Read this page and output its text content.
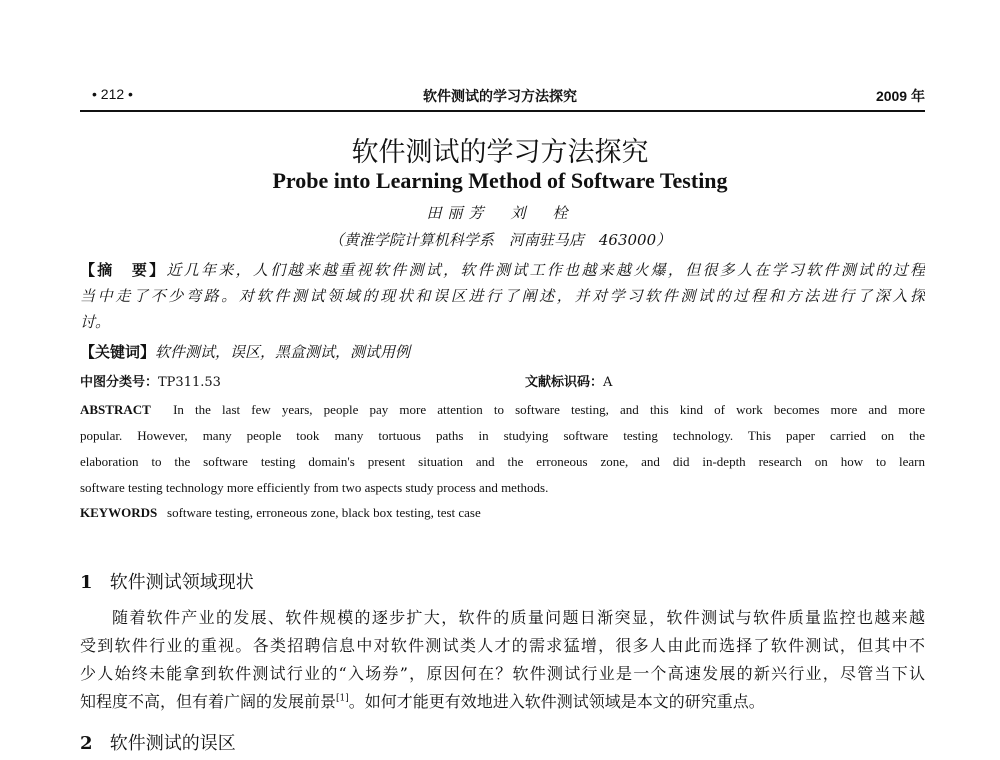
• 212 •	软件测试的学习方法探究	2009 年
软件测试的学习方法探究
Probe into Learning Method of Software Testing
田丽芳　刘　栓
（黄淮学院计算机科学系　河南驻马店　463000）
【摘　要】近几年来，人们越来越重视软件测试，软件测试工作也越来越火爆，但很多人在学习软件测试的过程
当中走了不少弯路。对软件测试领域的现状和误区进行了阐述，并对学习软件测试的过程和方法进行了深入探
讨。
【关键词】软件测试，误区，黑盒测试，测试用例
中图分类号：TP311.53	文献标识码：A
ABSTRACT In the last few years, people pay more attention to software testing, and this kind of work becomes more and more
popular. However, many people took many tortuous paths in studying software testing technology. This paper carried on the
elaboration to the software testing domain's present situation and the erroneous zone, and did in-depth research on how to learn
software testing technology more efficiently from two aspects study process and methods.
KEYWORDS software testing, erroneous zone, black box testing, test case
1 软件测试领域现状
随着软件产业的发展、软件规模的逐步扩大，软件的质量问题日渐突显，软件测试与软件质量监控也越来越
受到软件行业的重视。各类招聘信息中对软件测试类人才的需求猛增，很多人由此而选择了软件测试，但其中不
少人始终未能拿到软件测试行业的“入场券”，原因何在？软件测试行业是一个高速发展的新兴行业，尽管当下认
知程度不高，但有着广阔的发展前景[1]。如何才能更有效地进入软件测试领域是本文的研究重点。
2 软件测试的误区
